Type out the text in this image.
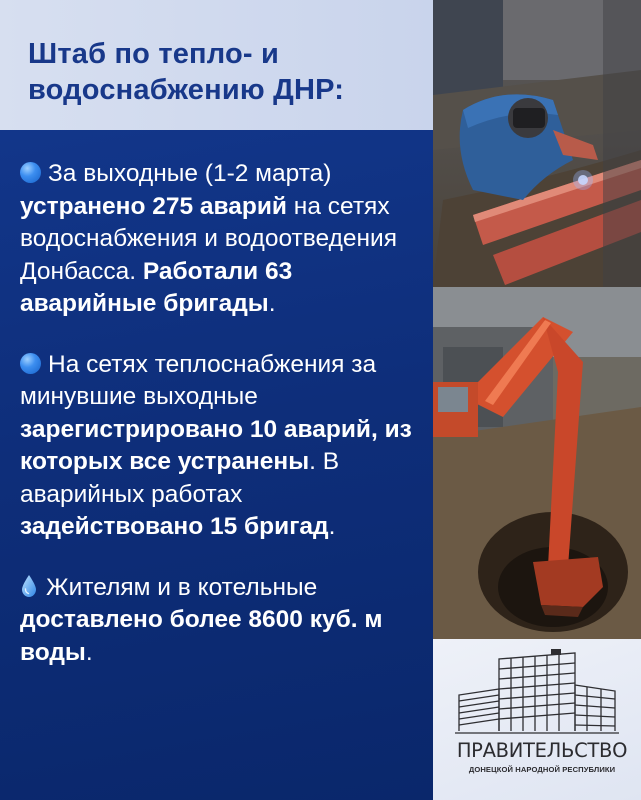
Штаб по тепло- и водоснабжению ДНР:

За выходные (1-2 марта) устранено 275 аварий на сетях водоснабжения и водоотведения Донбасса. Работали 63 аварийные бригады.

На сетях теплоснабжения за минувшие выходные зарегистрировано 10 аварий, из которых все устранены. В аварийных работах задействовано 15 бригад.

Жителям и в котельные доставлено более 8600 куб. м воды.

ПРАВИТЕЛЬСТВО
ДОНЕЦКОЙ НАРОДНОЙ РЕСПУБЛИКИ
